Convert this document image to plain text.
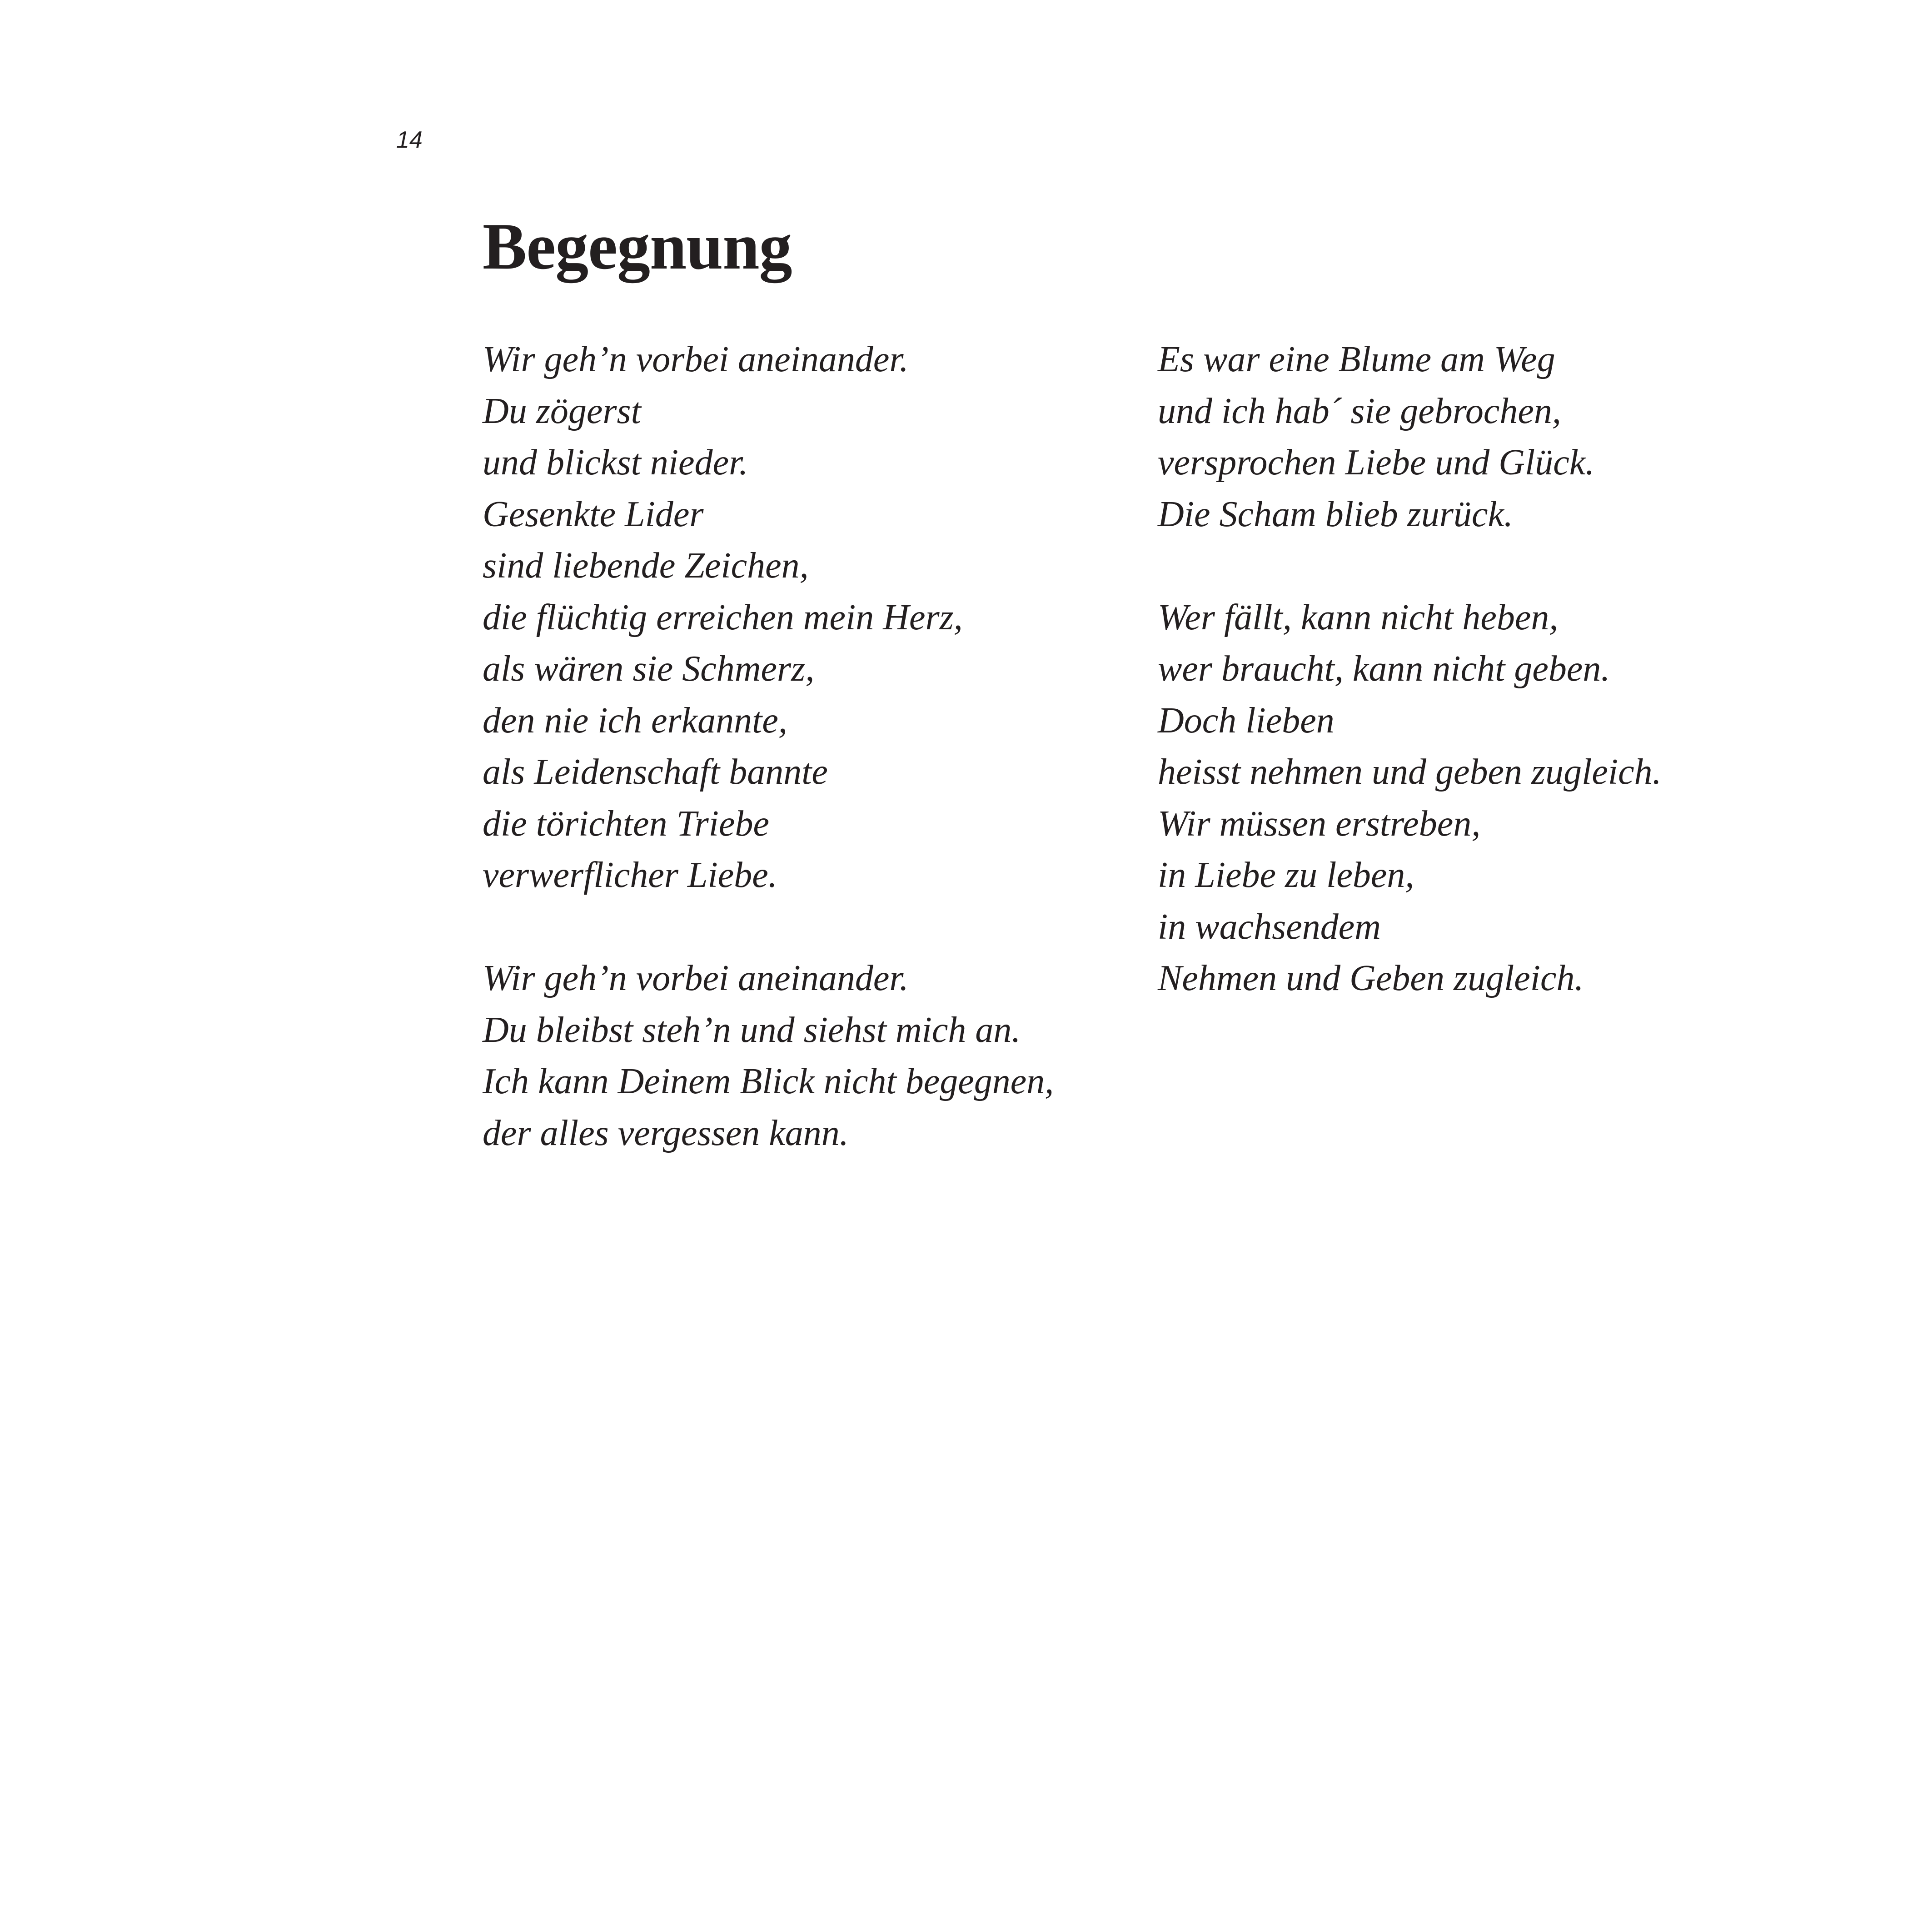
14
Begegnung
Wir geh’n vorbei aneinander.
Du zögerst
und blickst nieder.
Gesenkte Lider
sind liebende Zeichen,
die flüchtig erreichen mein Herz,
als wären sie Schmerz,
den nie ich erkannte,
als Leidenschaft bannte
die törichten Triebe
verwerflicher Liebe.
Wir geh’n vorbei aneinander.
Du bleibst steh’n und siehst mich an.
Ich kann Deinem Blick nicht begegnen,
der alles vergessen kann.
Es war eine Blume am Weg
und ich hab´ sie gebrochen,
versprochen Liebe und Glück.
Die Scham blieb zurück.
Wer fällt, kann nicht heben,
wer braucht, kann nicht geben.
Doch lieben
heisst nehmen und geben zugleich.
Wir müssen erstreben,
in Liebe zu leben,
in wachsendem
Nehmen und Geben zugleich.
